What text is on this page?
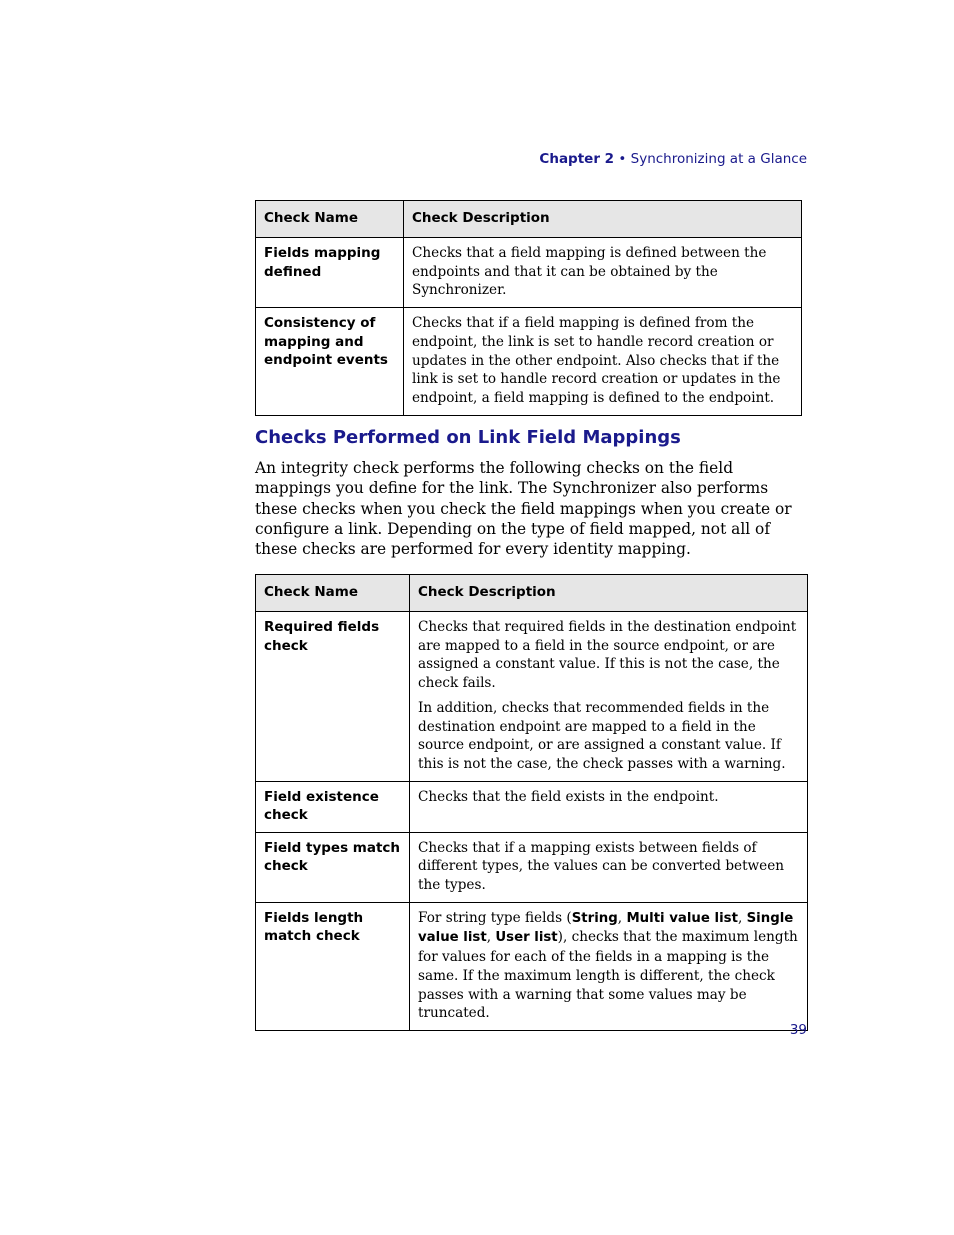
Chapter 2 • Synchronizing at a Glance
Check Name	Check Description
Fields mapping defined	Checks that a field mapping is defined between the endpoints and that it can be obtained by the Synchronizer.
Consistency of mapping and endpoint events	Checks that if a field mapping is defined from the endpoint, the link is set to handle record creation or updates in the other endpoint. Also checks that if the link is set to handle record creation or updates in the endpoint, a field mapping is defined to the endpoint.
Checks Performed on Link Field Mappings

An integrity check performs the following checks on the field mappings you define for the link. The Synchronizer also performs these checks when you check the field mappings when you create or configure a link. Depending on the type of field mapped, not all of these checks are performed for every identity mapping.

Check Name	Check Description
Required fields check	Checks that required fields in the destination endpoint are mapped to a field in the source endpoint, or are assigned a constant value. If this is not the case, the check fails.

In addition, checks that recommended fields in the destination endpoint are mapped to a field in the source endpoint, or are assigned a constant value. If this is not the case, the check passes with a warning.

Field existence check	Checks that the field exists in the endpoint.
Field types match check	Checks that if a mapping exists between fields of different types, the values can be converted between the types.
Fields length match check	For string type fields (String, Multi value list, Single value list, User list), checks that the maximum length for values for each of the fields in a mapping is the same. If the maximum length is different, the check passes with a warning that some values may be truncated.
39
